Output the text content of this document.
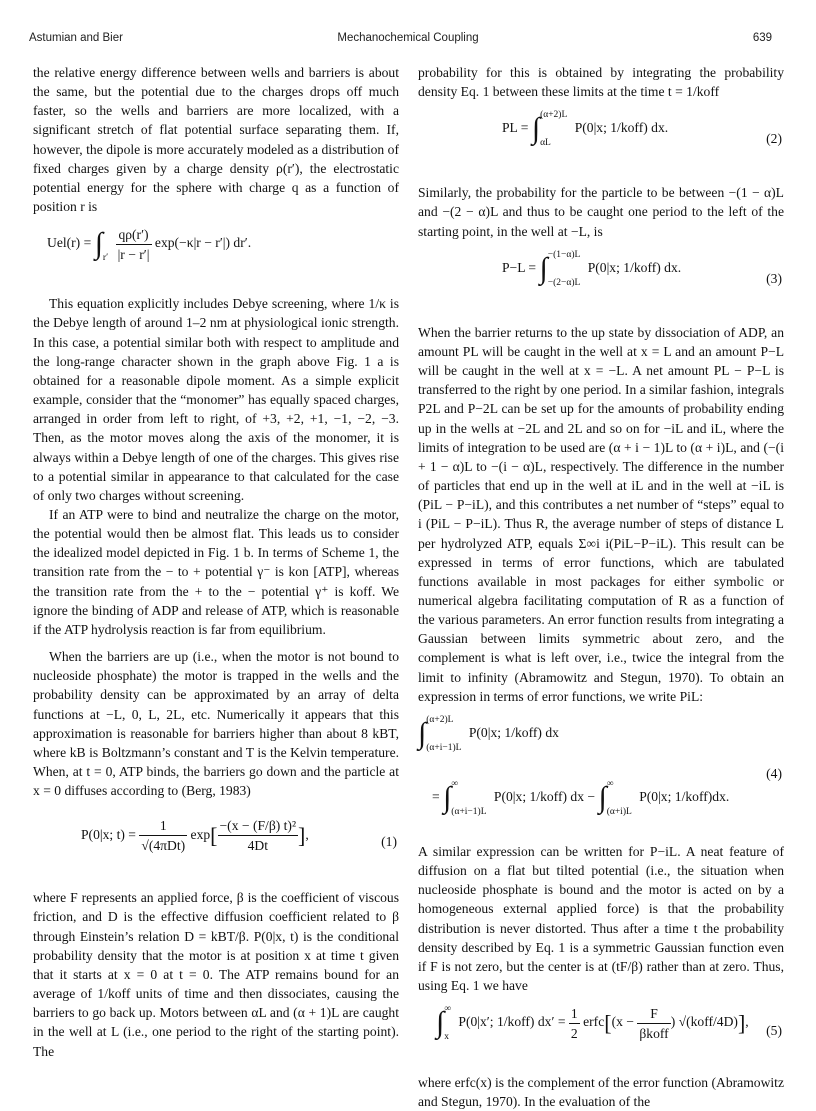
Astumian and Bier	Mechanochemical Coupling	639

the relative energy difference between wells and barriers is about the same, but the potential due to the charges drops off much faster, so the wells and barriers are more localized, with a significant stretch of flat potential surface separating them. If, however, the dipole is more accurately modeled as a distribution of fixed charges given by a charge density ρ(r′), the electrostatic potential energy for the sphere with charge q as a function of position r is

Uel(r) = ∫
r′
$\frac{q\rho(r')}{|r - r'|} \exp(-\kappa|r - r'|)$ dr′.

This equation explicitly includes Debye screening, where 1/κ is the Debye length of around 1–2 nm at physiological ionic strength. In this case, a potential similar both with respect to amplitude and the long-range character shown in the graph above Fig. 1 a is obtained for a reasonable dipole moment. As a simple explicit example, consider that the “monomer” has equally spaced charges, arranged in order from left to right, of +3, +2, +1, −1, −2, −3. Then, as the motor moves along the axis of the monomer, it is always within a Debye length of one of the charges. This gives rise to a potential similar in appearance to that calculated for the case of only two charges without screening.

If an ATP were to bind and neutralize the charge on the motor, the potential would then be almost flat. This leads us to consider the idealized model depicted in Fig. 1 b. In terms of Scheme 1, the transition rate from the − to + potential γ⁻ is kon [ATP], whereas the transition rate from the + to the − potential γ⁺ is koff. We ignore the binding of ADP and release of ATP, which is reasonable if the ATP hydrolysis reaction is far from equilibrium.

When the barriers are up (i.e., when the motor is not bound to nucleoside phosphate) the motor is trapped in the wells and the probability density can be approximated by an array of delta functions at −L, 0, L, 2L, etc. Numerically it appears that this approximation is reasonable for barriers higher than about 8 kBT, where kB is Boltzmann’s constant and T is the Kelvin temperature. When, at t = 0, ATP binds, the barriers go down and the particle at x = 0 diffuses according to (Berg, 1983)

P(0|x; $t) = \frac{1}{\text{√(4πDt)}} \exp[ \frac{\text{−(x − (F/β) t)²}}{4Dt}$ ],	(1)

where F represents an applied force, β is the coefficient of viscous friction, and D is the effective diffusion coefficient related to β through Einstein’s relation D = kBT/β. P(0|x, t) is the conditional probability density that the motor is at position x at time t given that it starts at x = 0 at t = 0. The ATP remains bound for an average of 1/koff units of time and then dissociates, causing the barriers to go back up. Motors between αL and (α + 1)L are caught in the well at L (i.e., one period to the right of the starting point). The

probability for this is obtained by integrating the probability density Eq. 1 between these limits at the time t = 1/koff

PL = ∫ (α+2)L
αL
P(0|x; 1/koff) dx.
(2)

Similarly, the probability for the particle to be between −(1 − α)L and −(2 − α)L and thus to be caught one period to the left of the starting point, in the well at −L, is

P−L = ∫ −(1−α)L
−(2−α)L
P(0|x; 1/koff) dx.
(3)

When the barrier returns to the up state by dissociation of ADP, an amount PL will be caught in the well at x = L and an amount P−L will be caught in the well at x = −L. A net amount PL − P−L is transferred to the right by one period. In a similar fashion, integrals P2L and P−2L can be set up for the amounts of probability ending up in the wells at −2L and 2L and so on for −iL and iL, where the limits of integration to be used are (α + i − 1)L to (α + i)L, and (−(i + 1 − α)L to −(i − α)L, respectively. The difference in the number of particles that end up in the well at iL and in the well at −iL is (PiL − P−iL), and this contributes a net number of “steps” equal to i (PiL − P−iL). Thus R, the average number of steps of distance L per hydrolyzed ATP, equals Σ∞i i(PiL−P−iL). This result can be expressed in terms of error functions, which are tabulated functions available in most packages for either symbolic or numerical algebra facilitating computation of R as a function of the various parameters. An error function results from integrating a Gaussian between limits symmetric about zero, and the complement is what is left over, i.e., twice the integral from the limit to infinity (Abramowitz and Stegun, 1970). To obtain an expression in terms of error functions, we write PiL:

∫ (α+2)L
(α+i−1)L
P(0|x; 1/koff) dx
(4)
= ∫ ∞
(α+i−1)L
P(0|x; 1/koff) dx − ∫ ∞
(α+i)L
P(0|x; 1/koff)dx.

A similar expression can be written for P−iL. A neat feature of diffusion on a flat but tilted potential (i.e., the situation when nucleoside phosphate is bound and the motor is acted on by a homogeneous external applied force) is that the probability distribution is never distorted. Thus after a time t the probability density described by Eq. 1 is a symmetric Gaussian function even if F is not zero, but the center is at (tF/β) rather than at zero. Thus, using Eq. 1 we have

∫ ∞
x
P(0|x′; 1/koff) $dx' = \frac{1}{2}$ erfc[(x − $\frac{F}{\text{βkoff}}$ ) √(koff/4D)],
(5)

where erfc(x) is the complement of the error function (Abramowitz and Stegun, 1970). In the evaluation of the
